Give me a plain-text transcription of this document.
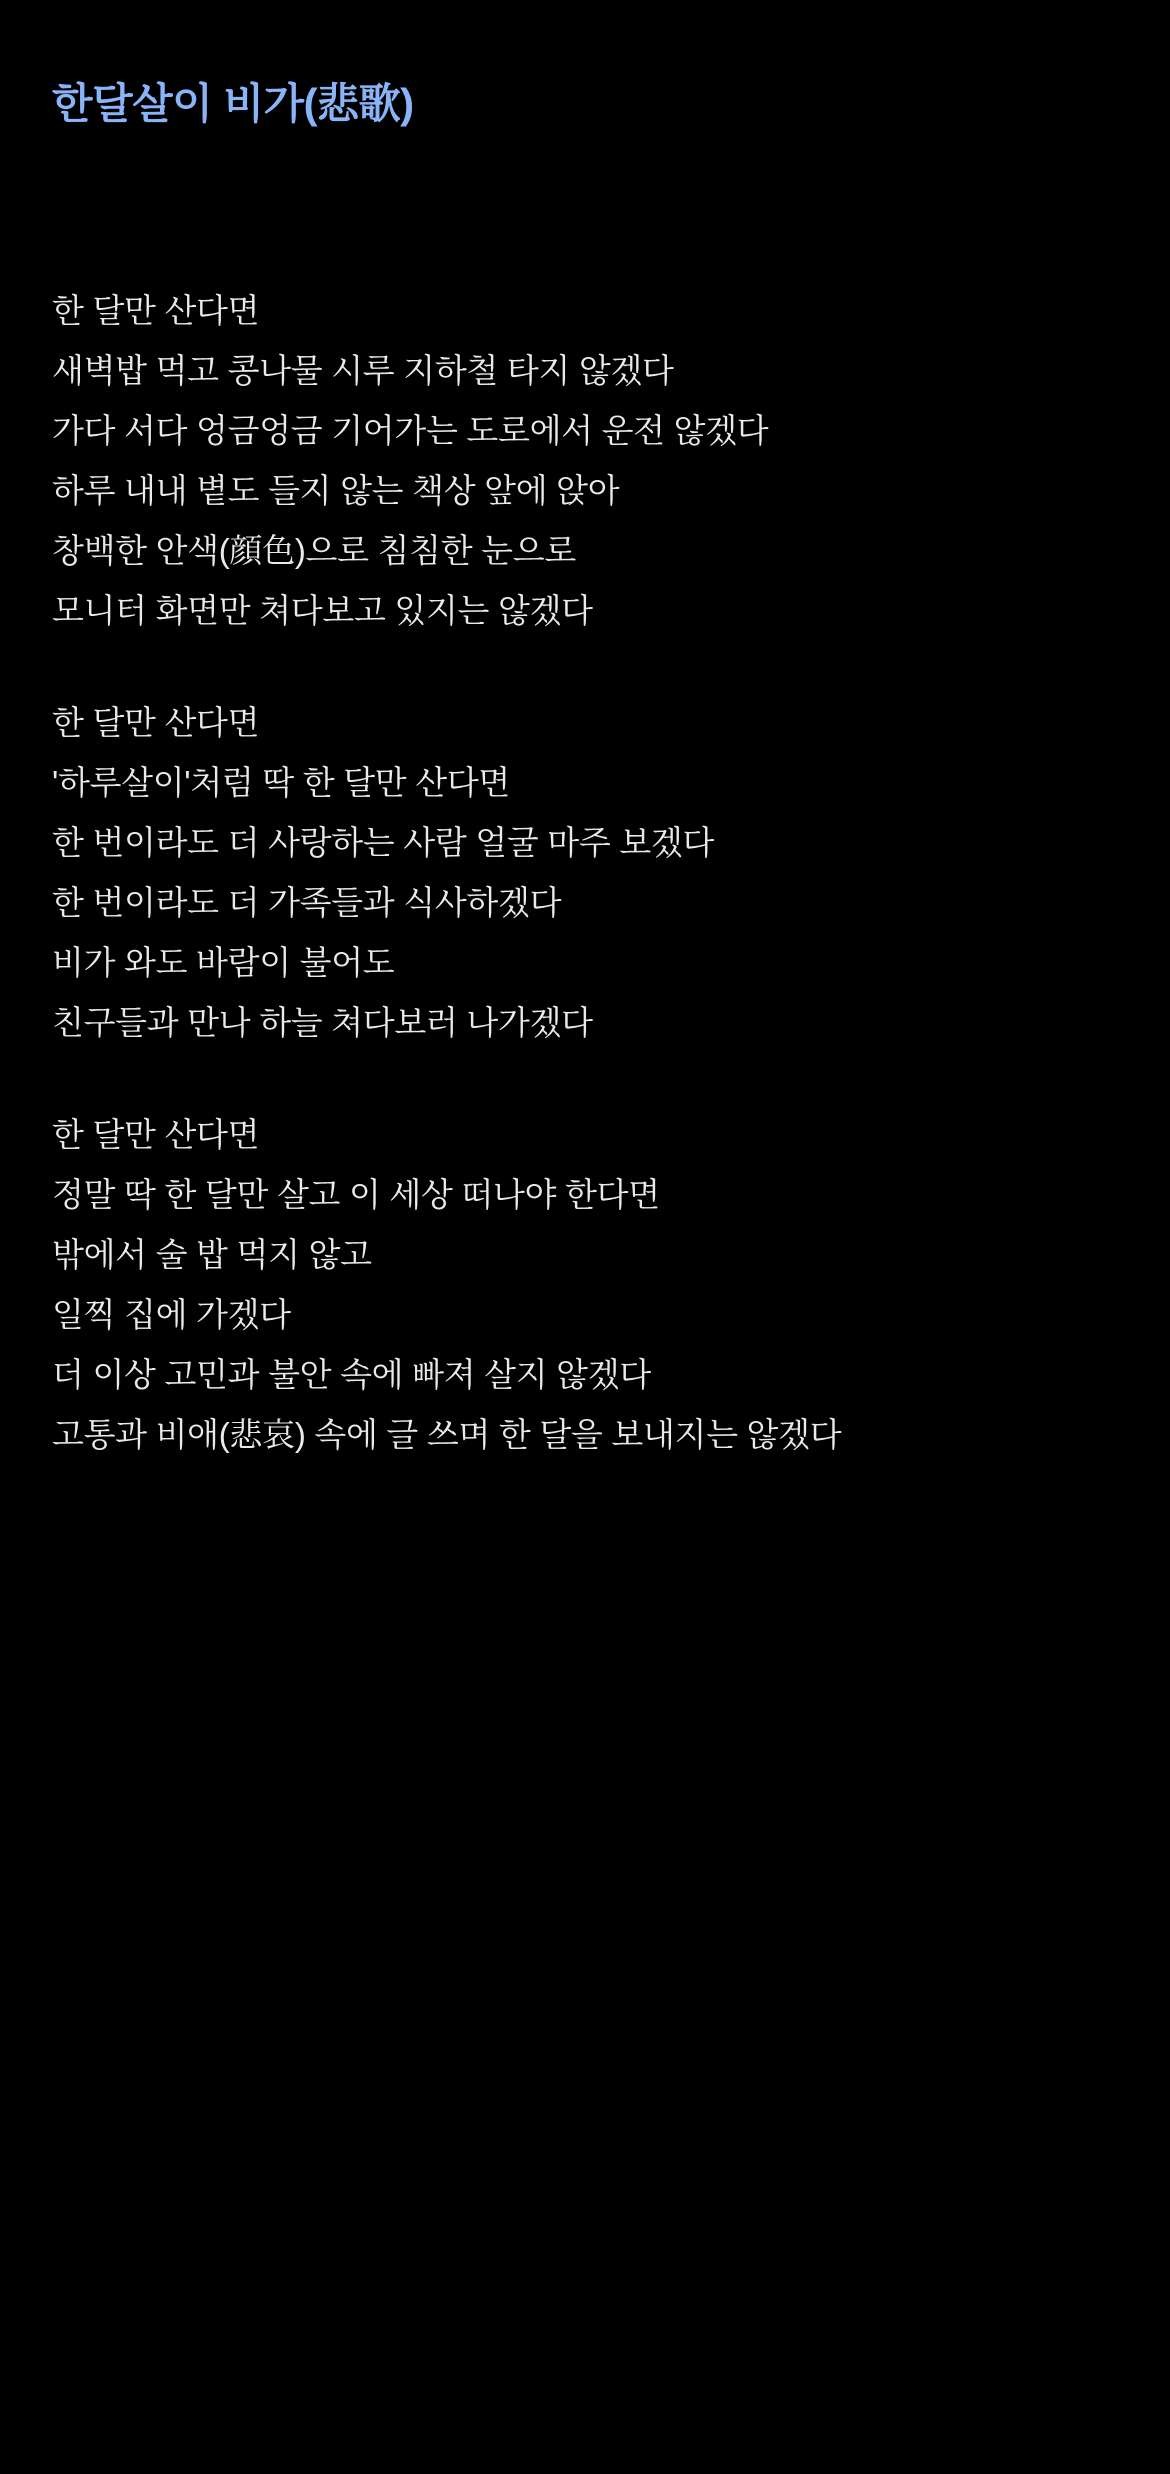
한달살이 비가(悲歌)
한 달만 산다면
새벽밥 먹고 콩나물 시루 지하철 타지 않겠다
가다 서다 엉금엉금 기어가는 도로에서 운전 않겠다
하루 내내 볕도 들지 않는 책상 앞에 앉아
창백한 안색(顔色)으로 침침한 눈으로
모니터 화면만 쳐다보고 있지는 않겠다
한 달만 산다면
'하루살이'처럼 딱 한 달만 산다면
한 번이라도 더 사랑하는 사람 얼굴 마주 보겠다
한 번이라도 더 가족들과 식사하겠다
비가 와도 바람이 불어도
친구들과 만나 하늘 쳐다보러 나가겠다
한 달만 산다면
정말 딱 한 달만 살고 이 세상 떠나야 한다면
밖에서 술 밥 먹지 않고
일찍 집에 가겠다
더 이상 고민과 불안 속에 빠져 살지 않겠다
고통과 비애(悲哀) 속에 글 쓰며 한 달을 보내지는 않겠다
